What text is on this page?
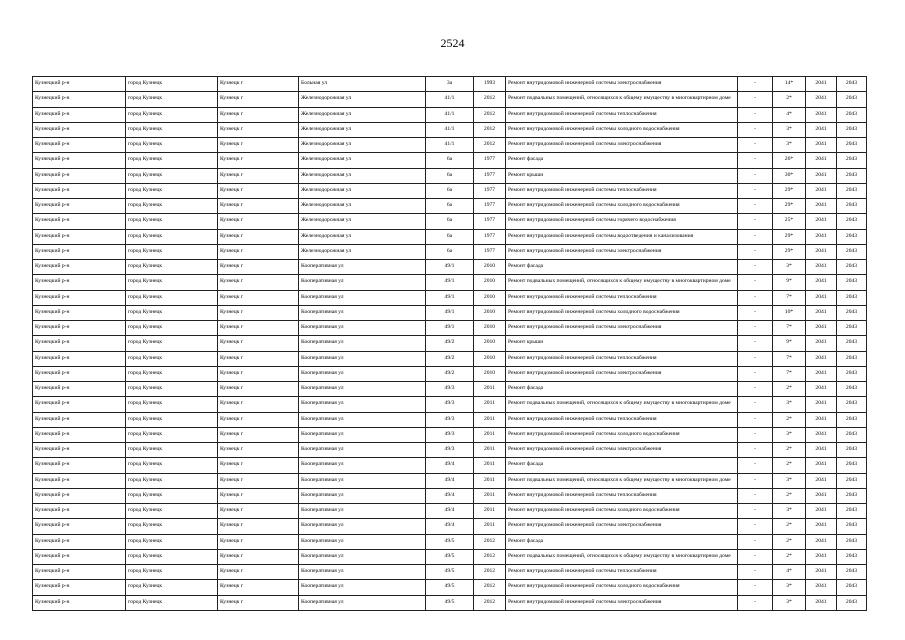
2524
Кузнецкий р-н	город Кузнецк	Кузнецк г	Больная ул	3а	1993	Ремонт внутридомовой инженерной системы электроснабжения	-	14*	2041	2043
Кузнецкий р-н	город Кузнецк	Кузнецк г	Железнодорожная ул	41/1	2012	Ремонт подвальных помещений, относящихся к общему имуществу в многоквартирном доме	-	2*	2041	2043
Кузнецкий р-н	город Кузнецк	Кузнецк г	Железнодорожная ул	41/1	2012	Ремонт внутридомовой инженерной системы теплоснабжения	-	4*	2041	2043
Кузнецкий р-н	город Кузнецк	Кузнецк г	Железнодорожная ул	41/1	2012	Ремонт внутридомовой инженерной системы холодного водоснабжения	-	3*	2041	2043
Кузнецкий р-н	город Кузнецк	Кузнецк г	Железнодорожная ул	41/1	2012	Ремонт внутридомовой инженерной системы электроснабжения	-	3*	2041	2043
Кузнецкий р-н	город Кузнецк	Кузнецк г	Железнодорожная ул	6а	1977	Ремонт фасада	-	26*	2041	2043
Кузнецкий р-н	город Кузнецк	Кузнецк г	Железнодорожная ул	6а	1977	Ремонт крыши	-	30*	2041	2043
Кузнецкий р-н	город Кузнецк	Кузнецк г	Железнодорожная ул	6а	1977	Ремонт внутридомовой инженерной системы теплоснабжения	-	29*	2041	2043
Кузнецкий р-н	город Кузнецк	Кузнецк г	Железнодорожная ул	6а	1977	Ремонт внутридомовой инженерной системы холодного водоснабжения	-	29*	2041	2043
Кузнецкий р-н	город Кузнецк	Кузнецк г	Железнодорожная ул	6а	1977	Ремонт внутридомовой инженерной системы горячего водоснабжения	-	25*	2041	2043
Кузнецкий р-н	город Кузнецк	Кузнецк г	Железнодорожная ул	6а	1977	Ремонт внутридомовой инженерной системы водоотведения и канализования	-	29*	2041	2043
Кузнецкий р-н	город Кузнецк	Кузнецк г	Железнодорожная ул	6а	1977	Ремонт внутридомовой инженерной системы электроснабжения	-	29*	2041	2043
Кузнецкий р-н	город Кузнецк	Кузнецк г	Кооперативная ул	49/1	2010	Ремонт фасада	-	3*	2041	2043
Кузнецкий р-н	город Кузнецк	Кузнецк г	Кооперативная ул	49/1	2010	Ремонт подвальных помещений, относящихся к общему имуществу в многоквартирном доме	-	9*	2041	2043
Кузнецкий р-н	город Кузнецк	Кузнецк г	Кооперативная ул	49/1	2010	Ремонт внутридомовой инженерной системы теплоснабжения	-	7*	2041	2043
Кузнецкий р-н	город Кузнецк	Кузнецк г	Кооперативная ул	49/1	2010	Ремонт внутридомовой инженерной системы холодного водоснабжения	-	10*	2041	2043
Кузнецкий р-н	город Кузнецк	Кузнецк г	Кооперативная ул	49/1	2010	Ремонт внутридомовой инженерной системы электроснабжения	-	7*	2041	2043
Кузнецкий р-н	город Кузнецк	Кузнецк г	Кооперативная ул	49/2	2010	Ремонт крыши	-	9*	2041	2043
Кузнецкий р-н	город Кузнецк	Кузнецк г	Кооперативная ул	49/2	2010	Ремонт внутридомовой инженерной системы теплоснабжения	-	7*	2041	2043
Кузнецкий р-н	город Кузнецк	Кузнецк г	Кооперативная ул	49/2	2010	Ремонт внутридомовой инженерной системы электроснабжения	-	7*	2041	2043
Кузнецкий р-н	город Кузнецк	Кузнецк г	Кооперативная ул	49/3	2011	Ремонт фасада	-	2*	2041	2043
Кузнецкий р-н	город Кузнецк	Кузнецк г	Кооперативная ул	49/3	2011	Ремонт подвальных помещений, относящихся к общему имуществу в многоквартирном доме	-	3*	2041	2043
Кузнецкий р-н	город Кузнецк	Кузнецк г	Кооперативная ул	49/3	2011	Ремонт внутридомовой инженерной системы теплоснабжения	-	2*	2041	2043
Кузнецкий р-н	город Кузнецк	Кузнецк г	Кооперативная ул	49/3	2011	Ремонт внутридомовой инженерной системы холодного водоснабжения	-	3*	2041	2043
Кузнецкий р-н	город Кузнецк	Кузнецк г	Кооперативная ул	49/3	2011	Ремонт внутридомовой инженерной системы электроснабжения	-	2*	2041	2043
Кузнецкий р-н	город Кузнецк	Кузнецк г	Кооперативная ул	49/4	2011	Ремонт фасада	-	2*	2041	2043
Кузнецкий р-н	город Кузнецк	Кузнецк г	Кооперативная ул	49/4	2011	Ремонт подвальных помещений, относящихся к общему имуществу в многоквартирном доме	-	3*	2041	2043
Кузнецкий р-н	город Кузнецк	Кузнецк г	Кооперативная ул	49/4	2011	Ремонт внутридомовой инженерной системы теплоснабжения	-	2*	2041	2043
Кузнецкий р-н	город Кузнецк	Кузнецк г	Кооперативная ул	49/4	2011	Ремонт внутридомовой инженерной системы холодного водоснабжения	-	3*	2041	2043
Кузнецкий р-н	город Кузнецк	Кузнецк г	Кооперативная ул	49/4	2011	Ремонт внутридомовой инженерной системы электроснабжения	-	2*	2041	2043
Кузнецкий р-н	город Кузнецк	Кузнецк г	Кооперативная ул	49/5	2012	Ремонт фасада	-	2*	2041	2043
Кузнецкий р-н	город Кузнецк	Кузнецк г	Кооперативная ул	49/5	2012	Ремонт подвальных помещений, относящихся к общему имуществу в многоквартирном доме	-	2*	2041	2043
Кузнецкий р-н	город Кузнецк	Кузнецк г	Кооперативная ул	49/5	2012	Ремонт внутридомовой инженерной системы теплоснабжения	-	4*	2041	2043
Кузнецкий р-н	город Кузнецк	Кузнецк г	Кооперативная ул	49/5	2012	Ремонт внутридомовой инженерной системы холодного водоснабжения	-	3*	2041	2043
Кузнецкий р-н	город Кузнецк	Кузнецк г	Кооперативная ул	49/5	2012	Ремонт внутридомовой инженерной системы электроснабжения	-	3*	2041	2043
